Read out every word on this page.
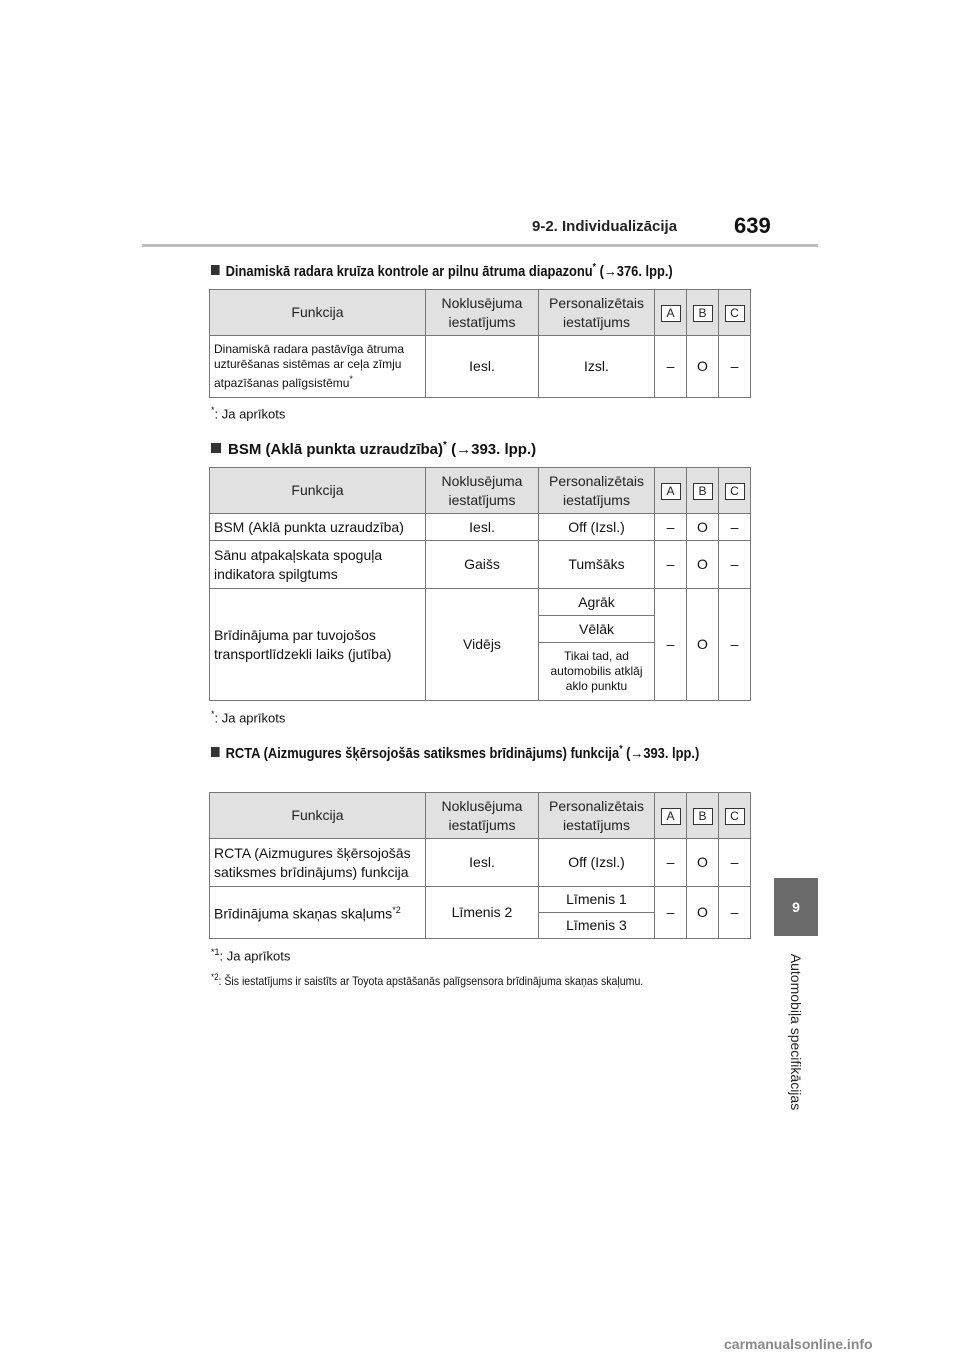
9-2. Individualizācija	639
9
Automobiļa specifikācijas
Dinamiskā radara kruīza kontrole ar pilnu ātruma diapazonu* (→376. lpp.)
Funkcija	Noklusējuma iestatījums	Personalizētais iestatījums	A	B	C
Dinamiskā radara pastāvīga ātruma uzturēšanas sistēmas ar ceļa zīmju atpazīšanas palīgsistēmu*	Iesl.	Izsl.	–	O	–
*: Ja aprīkots
BSM (Aklā punkta uzraudzība)* (→393. lpp.)
Funkcija	Noklusējuma iestatījums	Personalizētais iestatījums	A	B	C
BSM (Aklā punkta uzraudzība)	Iesl.	Off (Izsl.)	–	O	–
Sānu atpakaļskata spoguļa indikatora spilgtums	Gaišs	Tumšāks	–	O	–
Brīdinājuma par tuvojošos transportlīdzekli laiks (jutība)	Vidējs	Agrāk	–	O	–
		Vēlāk			
		Tikai tad, ad automobilis atklāj aklo punktu			
*: Ja aprīkots
RCTA (Aizmugures šķērsojošās satiksmes brīdinājums) funkcija* (→393. lpp.)
Funkcija	Noklusējuma iestatījums	Personalizētais iestatījums	A	B	C
RCTA (Aizmugures šķērsojošās satiksmes brīdinājums) funkcija	Iesl.	Off (Izsl.)	–	O	–
Brīdinājuma skaņas skaļums$^{*2}$	Līmenis 2	Līmenis 1	–	O	–
		Līmenis 3			
$^{*1}$: Ja aprīkots
$^{*2}$: Šis iestatījums ir saistīts ar Toyota apstāšanās palīgsensora brīdinājuma skaņas skaļumu.
carmanualsonline.info
